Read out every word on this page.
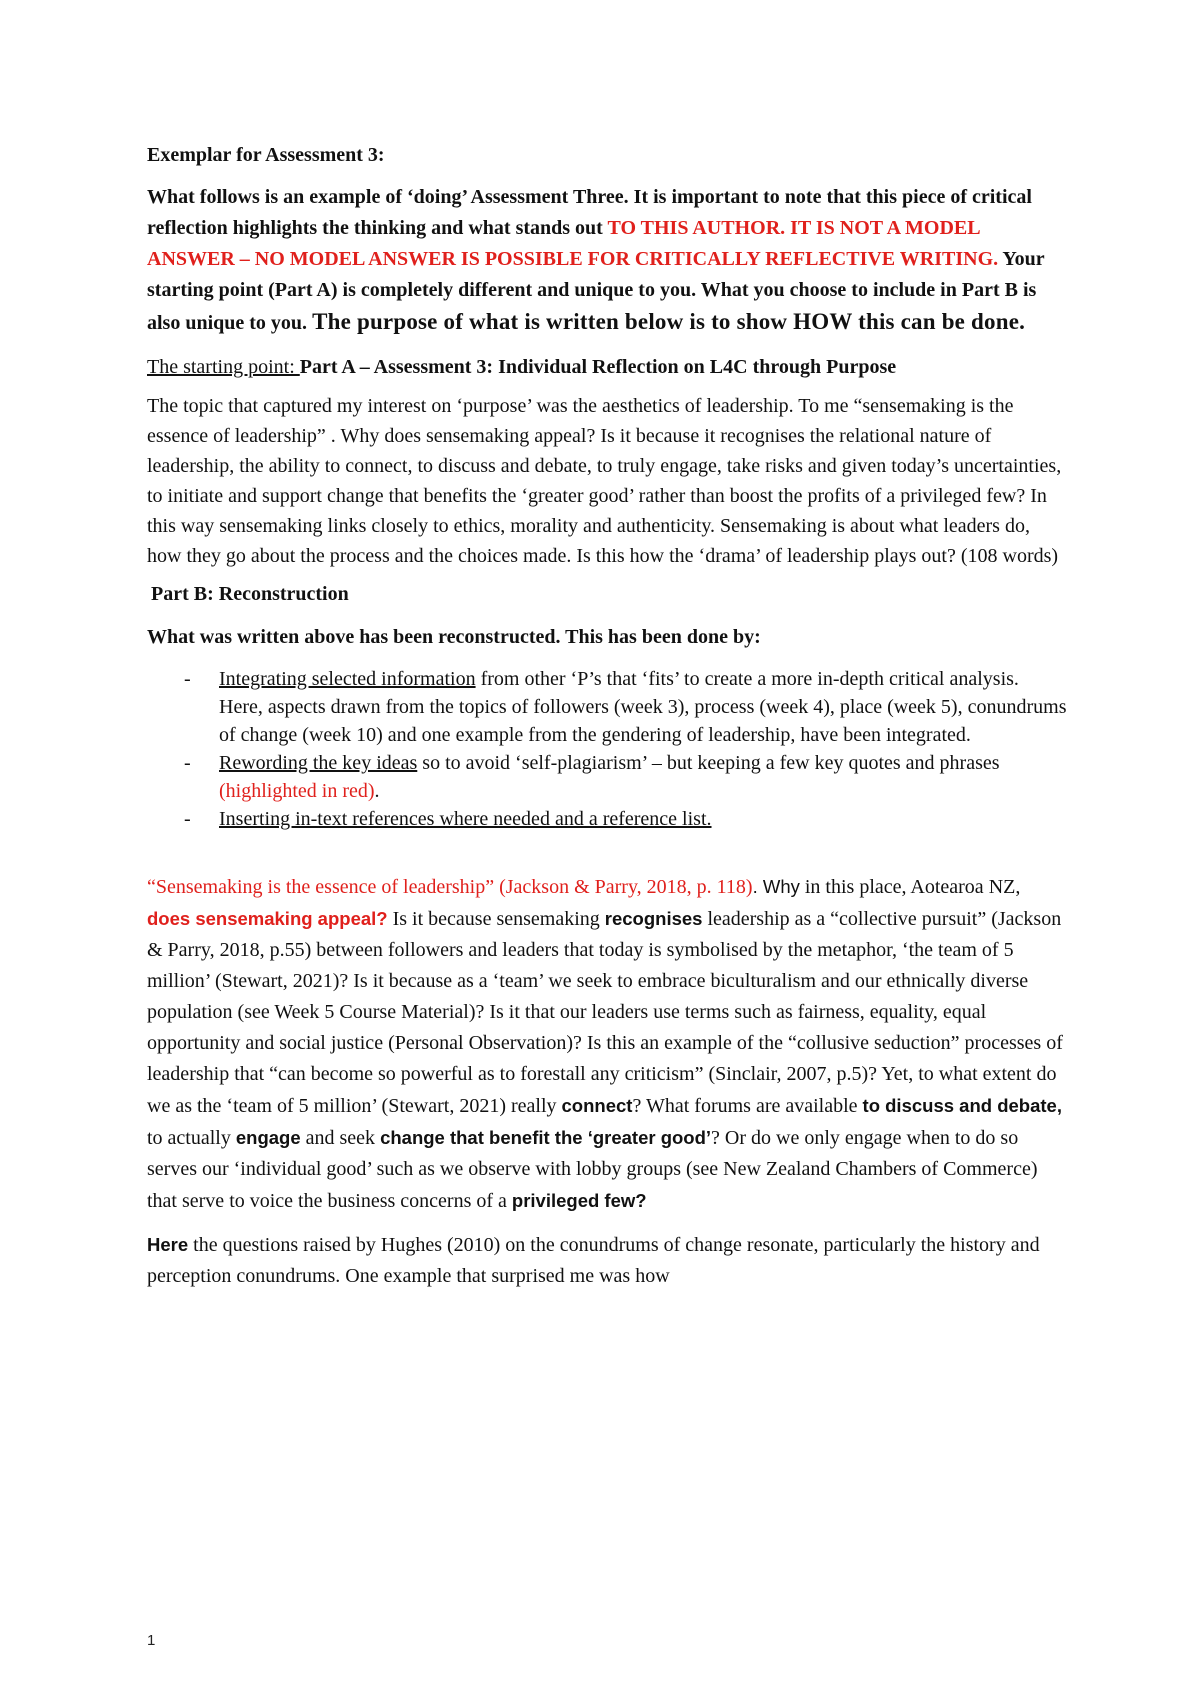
Exemplar for Assessment 3:

What follows is an example of ‘doing’ Assessment Three. It is important to note that this piece of critical reflection highlights the thinking and what stands out TO THIS AUTHOR. IT IS NOT A MODEL ANSWER – NO MODEL ANSWER IS POSSIBLE FOR CRITICALLY REFLECTIVE WRITING. Your starting point (Part A) is completely different and unique to you. What you choose to include in Part B is also unique to you. The purpose of what is written below is to show HOW this can be done.

The starting point: Part A – Assessment 3: Individual Reflection on L4C through Purpose

The topic that captured my interest on ‘purpose’ was the aesthetics of leadership. To me “sensemaking is the essence of leadership” . Why does sensemaking appeal? Is it because it recognises the relational nature of leadership, the ability to connect, to discuss and debate, to truly engage, take risks and given today’s uncertainties, to initiate and support change that benefits the ‘greater good’ rather than boost the profits of a privileged few? In this way sensemaking links closely to ethics, morality and authenticity. Sensemaking is about what leaders do, how they go about the process and the choices made. Is this how the ‘drama’ of leadership plays out? (108 words)

Part B: Reconstruction

What was written above has been reconstructed. This has been done by:

- Integrating selected information from other ‘P’s that ‘fits’ to create a more in-depth critical analysis. Here, aspects drawn from the topics of followers (week 3), process (week 4), place (week 5), conundrums of change (week 10) and one example from the gendering of leadership, have been integrated.
- Rewording the key ideas so to avoid ‘self-plagiarism’ – but keeping a few key quotes and phrases (highlighted in red).
- Inserting in-text references where needed and a reference list.

“Sensemaking is the essence of leadership” (Jackson & Parry, 2018, p. 118). Why in this place, Aotearoa NZ, does sensemaking appeal? Is it because sensemaking recognises leadership as a “collective pursuit” (Jackson & Parry, 2018, p.55) between followers and leaders that today is symbolised by the metaphor, ‘the team of 5 million’ (Stewart, 2021)? Is it because as a ‘team’ we seek to embrace biculturalism and our ethnically diverse population (see Week 5 Course Material)? Is it that our leaders use terms such as fairness, equality, equal opportunity and social justice (Personal Observation)? Is this an example of the “collusive seduction” processes of leadership that “can become so powerful as to forestall any criticism” (Sinclair, 2007, p.5)? Yet, to what extent do we as the ‘team of 5 million’ (Stewart, 2021) really connect? What forums are available to discuss and debate, to actually engage and seek change that benefit the ‘greater good’? Or do we only engage when to do so serves our ‘individual good’ such as we observe with lobby groups (see New Zealand Chambers of Commerce) that serve to voice the business concerns of a privileged few?

Here the questions raised by Hughes (2010) on the conundrums of change resonate, particularly the history and perception conundrums. One example that surprised me was how

1
